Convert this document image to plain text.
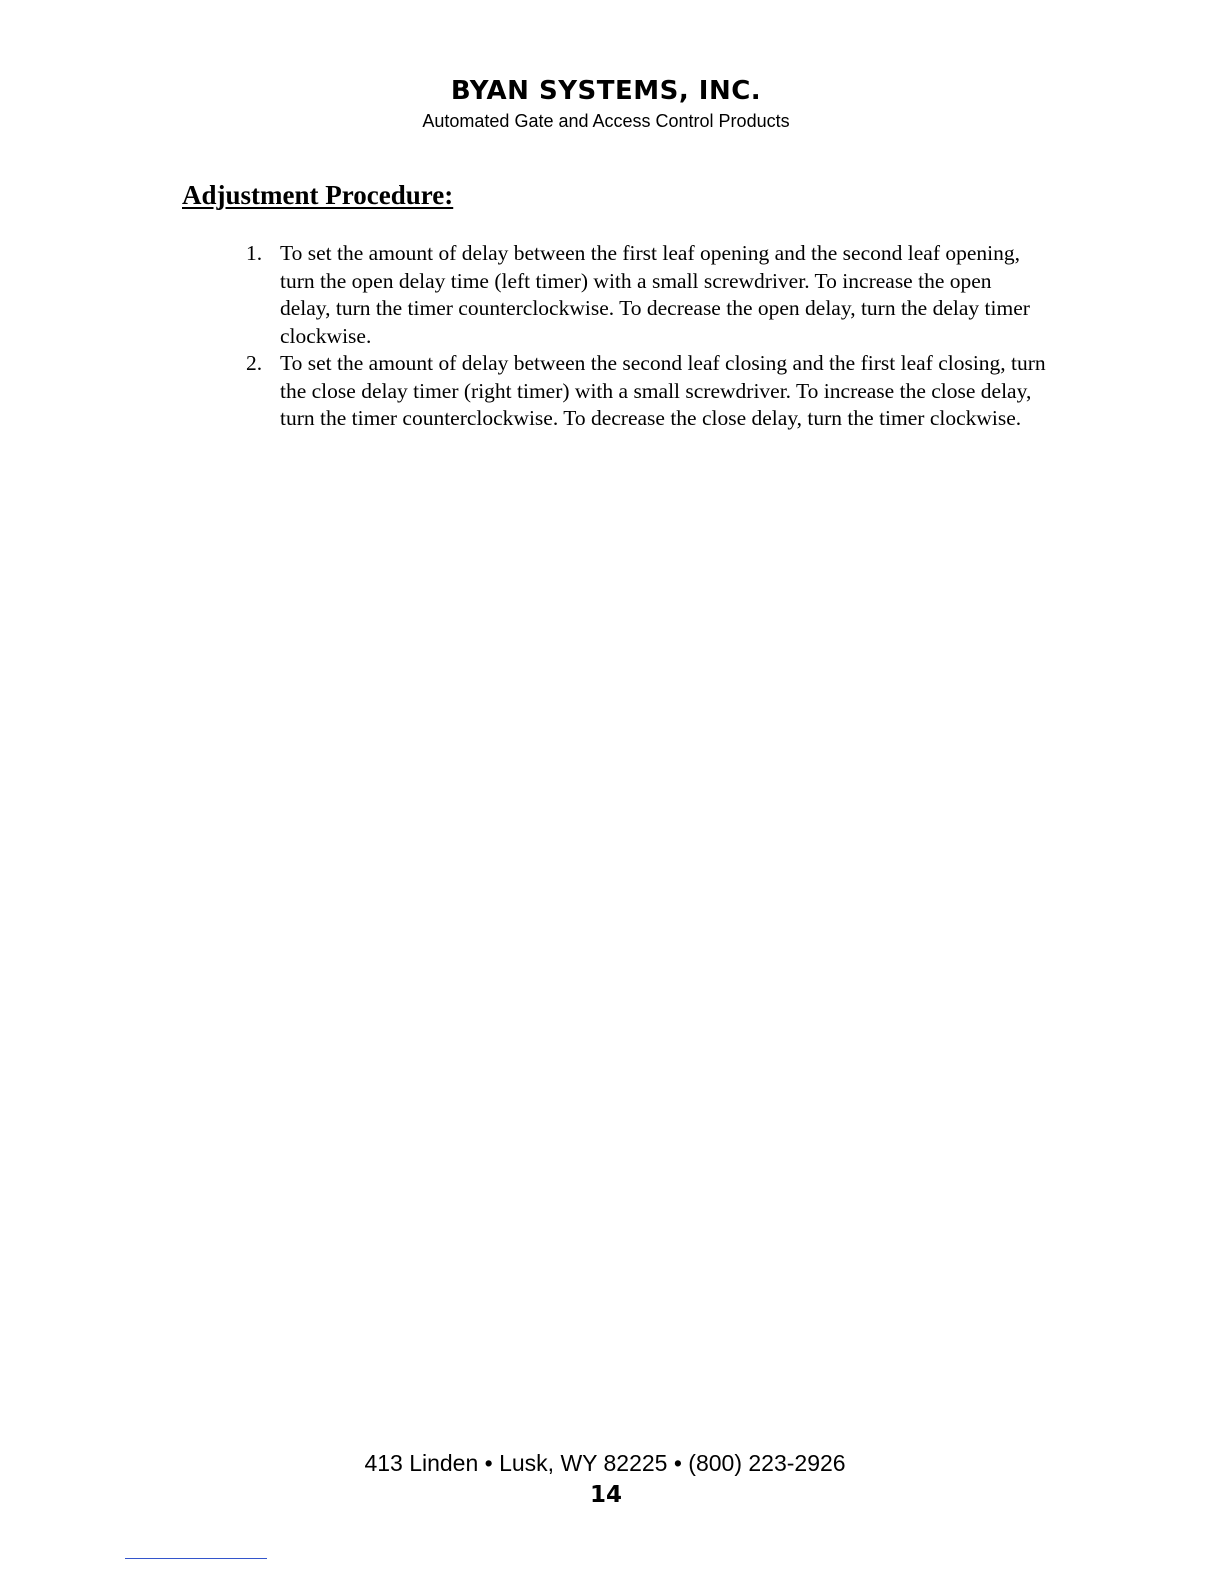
BYAN SYSTEMS, INC.
Automated Gate and Access Control Products
Adjustment Procedure:
1. To set the amount of delay between the first leaf opening and the second leaf opening, turn the open delay time (left timer) with a small screwdriver. To increase the open delay, turn the timer counterclockwise. To decrease the open delay, turn the delay timer clockwise.
2. To set the amount of delay between the second leaf closing and the first leaf closing, turn the close delay timer (right timer) with a small screwdriver. To increase the close delay, turn the timer counterclockwise. To decrease the close delay, turn the timer clockwise.
413 Linden • Lusk, WY 82225 • (800) 223-2926
14
